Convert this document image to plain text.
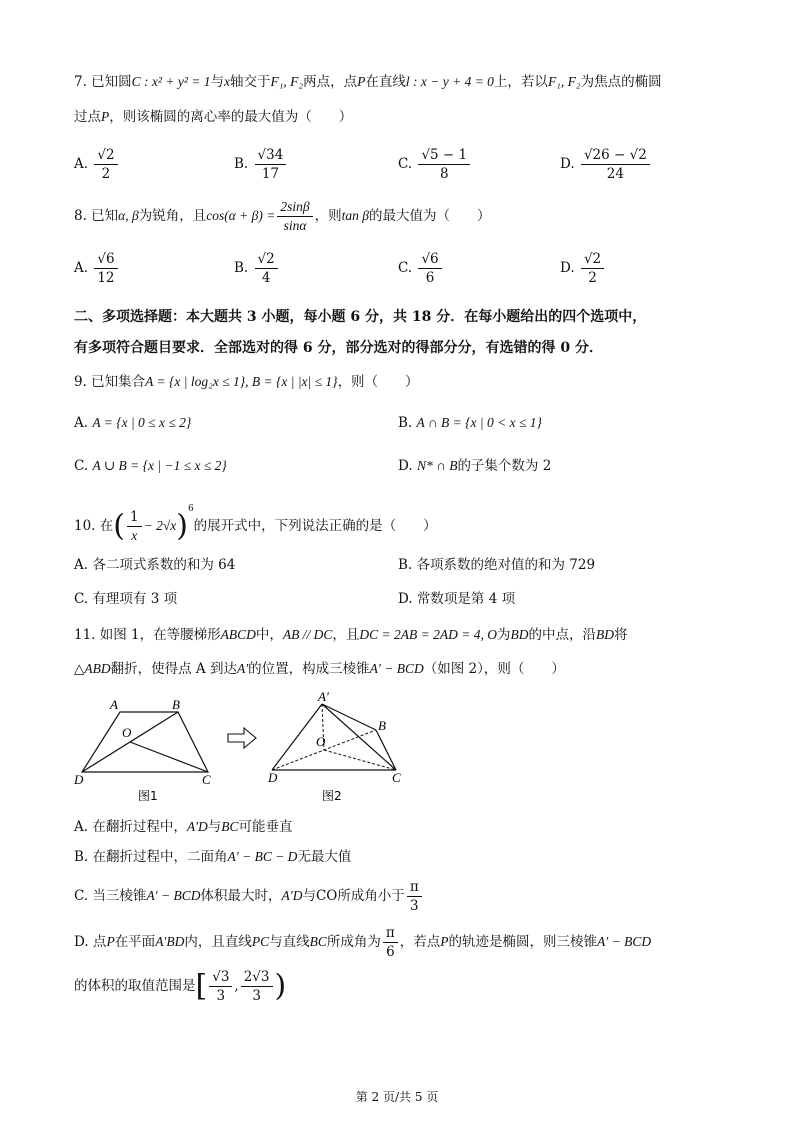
7. 已知圆C : x² + y² = 1与x轴交于F₁, F₂两点，点P在直线l : x − y + 4 = 0上，若以F₁, F₂为焦点的椭圆
过点P，则该椭圆的离心率的最大值为（　　）
A. $\frac{√2}{2}$	B. $\frac{√34}{17}$	C. $\frac{√5 - 1}{8}$	D. $\frac{√26 - √2}{24}$
8. 已知α, β为锐角，且$\cos(\alpha + \beta) = \frac{2\sin\beta}{\sin\alpha}$ ，则tan β的最大值为（　　）
A. $\frac{√6}{12}$	B. $\frac{√2}{4}$	C. $\frac{√6}{6}$	D. $\frac{√2}{2}$
二、多项选择题：本大题共 3 小题，每小题 6 分，共 18 分．在每小题给出的四个选项中，
有多项符合题目要求．全部选对的得 6 分，部分选对的得部分分，有选错的得 0 分．
9. 已知集合A = {x | log₂x ≤ 1}, B = {x | |x| ≤ 1}，则（　　）
A. A = {x | 0 ≤ x ≤ 2}	B. A ∩ B = {x | 0 < x ≤ 1}
C. A ∪ B = {x | −1 ≤ x ≤ 2}	D. N* ∩ B的子集个数为 2
10. 在( $\frac{1}{x} - 2√x)^6$的展开式中，下列说法正确的是（　　）
A. 各二项式系数的和为 64	B. 各项系数的绝对值的和为 729
C. 有理项有 3 项	D. 常数项是第 4 项
11. 如图 1，在等腰梯形ABCD中，AB // DC，且DC = 2AB = 2AD = 4, O为BD的中点，沿BD将
△ABD翻折，使得点 A 到达A′的位置，构成三棱锥A′ − BCD（如图 2），则（　　）
A	B
O
D	C
图1
A′
B
O
D	C
图2
A. 在翻折过程中，A′D与BC可能垂直
B. 在翻折过程中，二面角A′ − BC − D无最大值
C. 当三棱锥A′ − BCD体积最大时，A′D与CO所成角小于 $\frac{\pi}{3}$
D. 点P在平面A′BD内，且直线PC与直线BC所成角为 $\frac{\pi}{6}$ ，若点P的轨迹是椭圆，则三棱锥A′ − BCD
的体积的取值范围是[ $\frac{√3}{3}$ , $\frac{2√3}{3}$ )
第 2 页/共 5 页
